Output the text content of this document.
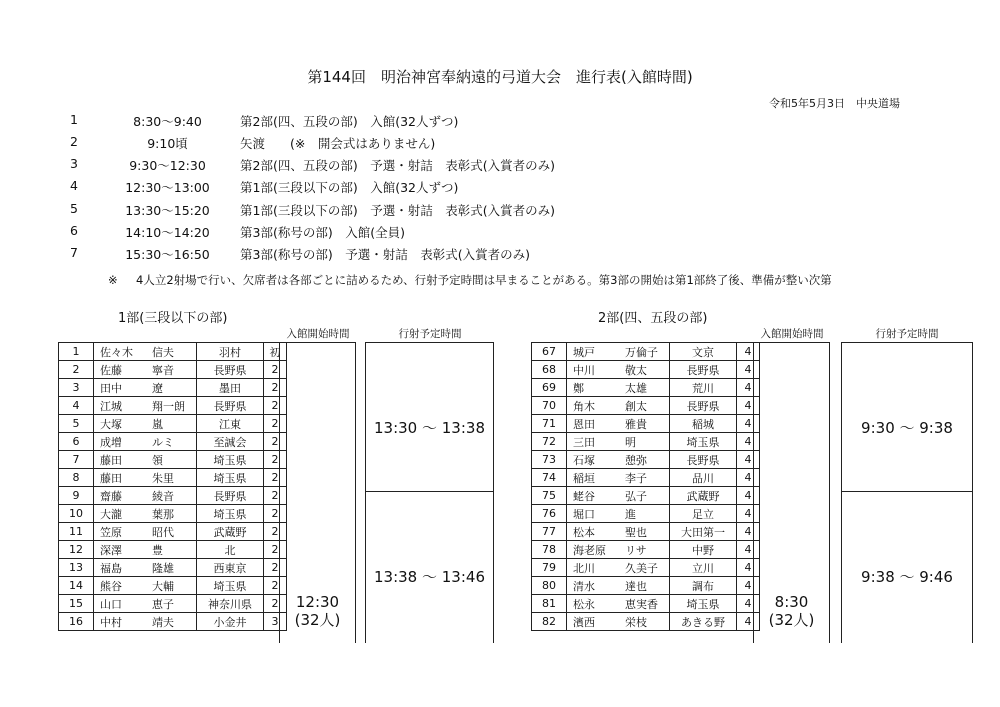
第144回　明治神宮奉納遠的弓道大会　進行表(入館時間)
令和5年5月3日　中央道場
1	8:30～9:40	第2部(四、五段の部)　入館(32人ずつ)
2	9:10頃	矢渡　　(※　開会式はありません)
3	9:30～12:30	第2部(四、五段の部)　予選・射詰　表彰式(入賞者のみ)
4	12:30～13:00	第1部(三段以下の部)　入館(32人ずつ)
5	13:30～15:20	第1部(三段以下の部)　予選・射詰　表彰式(入賞者のみ)
6	14:10～14:20	第3部(称号の部)　入館(全員)
7	15:30～16:50	第3部(称号の部)　予選・射詰　表彰式(入賞者のみ)
※ 4人立2射場で行い、欠席者は各部ごとに詰めるため、行射予定時間は早まることがある。第3部の開始は第1部終了後、準備が整い次第
1部(三段以下の部)
入館開始時間	行射予定時間
1	佐々木 信夫	羽村	初
2	佐藤 寧音	長野県	2
3	田中 遼	墨田	2
4	江城 翔一朗	長野県	2
5	大塚 嵐	江東	2
6	成增 ルミ	至誠会	2
7	藤田 領	埼玉県	2
8	藤田 朱里	埼玉県	2
9	齋藤 綾音	長野県	2
10	大瀧 葉那	埼玉県	2
11	笠原 昭代	武蔵野	2
12	深澤 豊	北	2
13	福島 隆雄	西東京	2
14	熊谷 大輔	埼玉県	2
15	山口 恵子	神奈川県	2
16	中村 靖夫	小金井	3
12:30
(32人)
13:30 ～ 13:38
13:38 ～ 13:46
2部(四、五段の部)
入館開始時間	行射予定時間
67	城戸 万倫子	文京	4
68	中川 敬太	長野県	4
69	鄭 太雄	荒川	4
70	角木 創太	長野県	4
71	恩田 雅貴	稲城	4
72	三田 明	埼玉県	4
73	石塚 憩弥	長野県	4
74	稲垣 李子	品川	4
75	蛯谷 弘子	武蔵野	4
76	堀口 進	足立	4
77	松本 聖也	大田第一	4
78	海老原 リサ	中野	4
79	北川 久美子	立川	4
80	清水 達也	調布	4
81	松永 恵実香	埼玉県	4
82	濱西 栄枝	あきる野	4
8:30
(32人)
9:30 ～ 9:38
9:38 ～ 9:46
